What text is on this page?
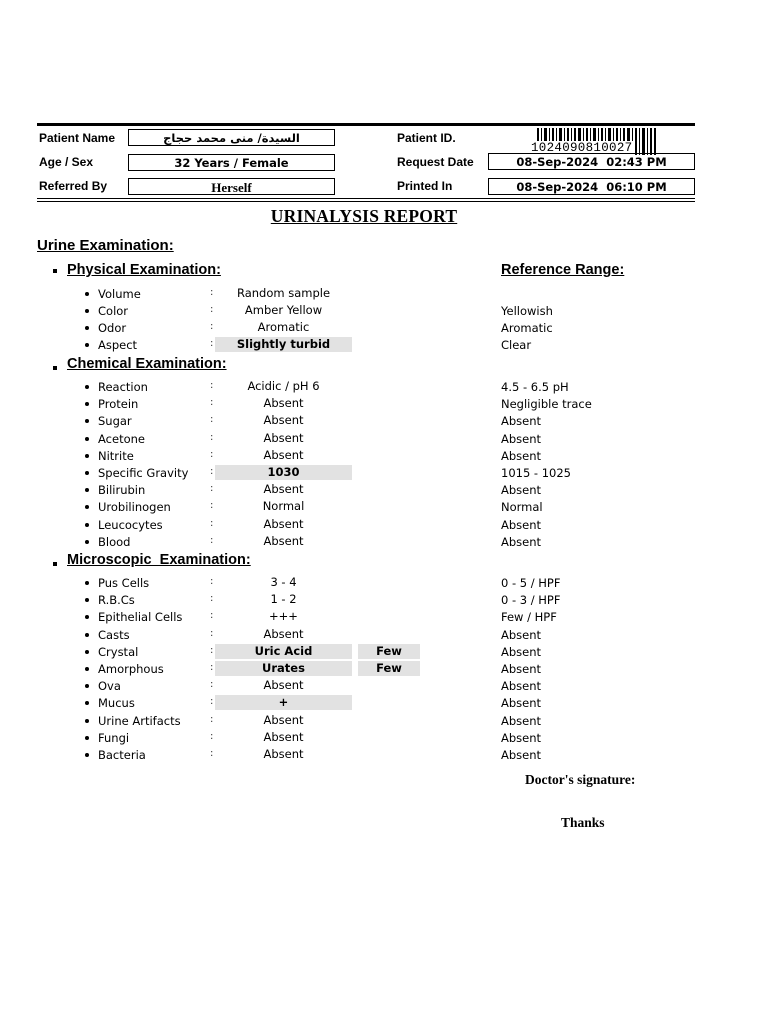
Patient Name	السيدة/ منى محمد حجاج
Age / Sex	32 Years / Female
Referred By	Herself
Patient ID.
1024090810027
Request Date	08-Sep-2024  02:43 PM
Printed In	08-Sep-2024  06:10 PM
URINALYSIS REPORT
Urine Examination:
Physical Examination:	Reference Range:
Volume	:	Random sample
Color	:	Amber Yellow	Yellowish
Odor	:	Aromatic	Aromatic
Aspect	:	Slightly turbid	Clear
Chemical Examination:
Reaction	:	Acidic / pH 6	4.5 - 6.5 pH
Protein	:	Absent	Negligible trace
Sugar	:	Absent	Absent
Acetone	:	Absent	Absent
Nitrite	:	Absent	Absent
Specific Gravity :	1030	1015 - 1025
Bilirubin	:	Absent	Absent
Urobilinogen	:	Normal	Normal
Leucocytes	:	Absent	Absent
Blood	:	Absent	Absent
Microscopic  Examination:
Pus Cells	:	3 - 4	0 - 5 / HPF
R.B.Cs	:	1 - 2	0 - 3 / HPF
Epithelial Cells	:	+++	Few / HPF
Casts	:	Absent	Absent
Crystal	:	Uric Acid	Few	Absent
Amorphous	:	Urates	Few	Absent
Ova	:	Absent	Absent
Mucus	:	+	Absent
Urine Artifacts	:	Absent	Absent
Fungi	:	Absent	Absent
Bacteria	:	Absent	Absent
Doctor's signature:
Thanks
